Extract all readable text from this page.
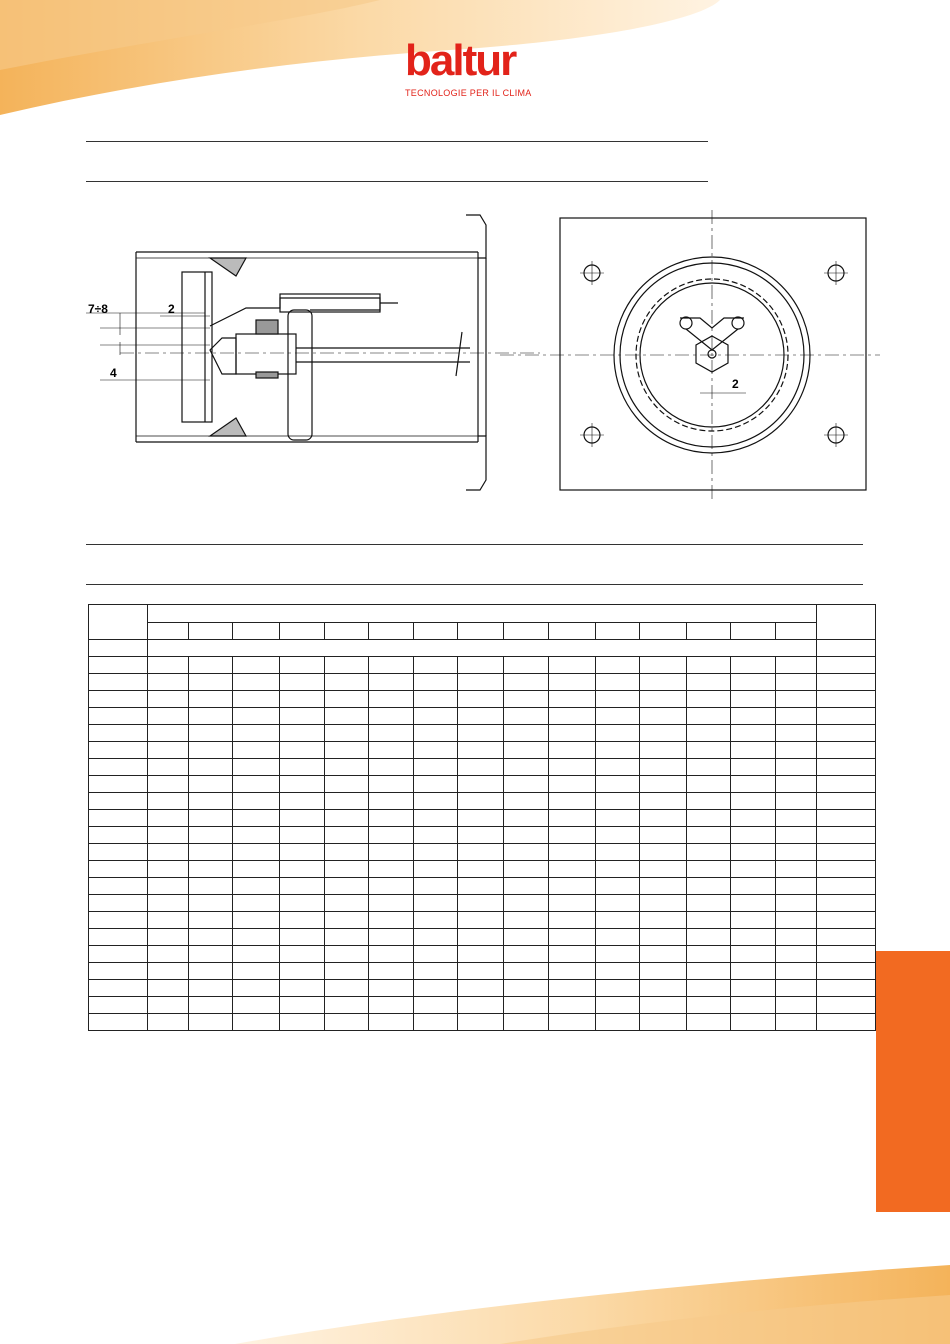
baltur
TECNOLOGIE PER IL CLIMA
7÷8	2
4
2
